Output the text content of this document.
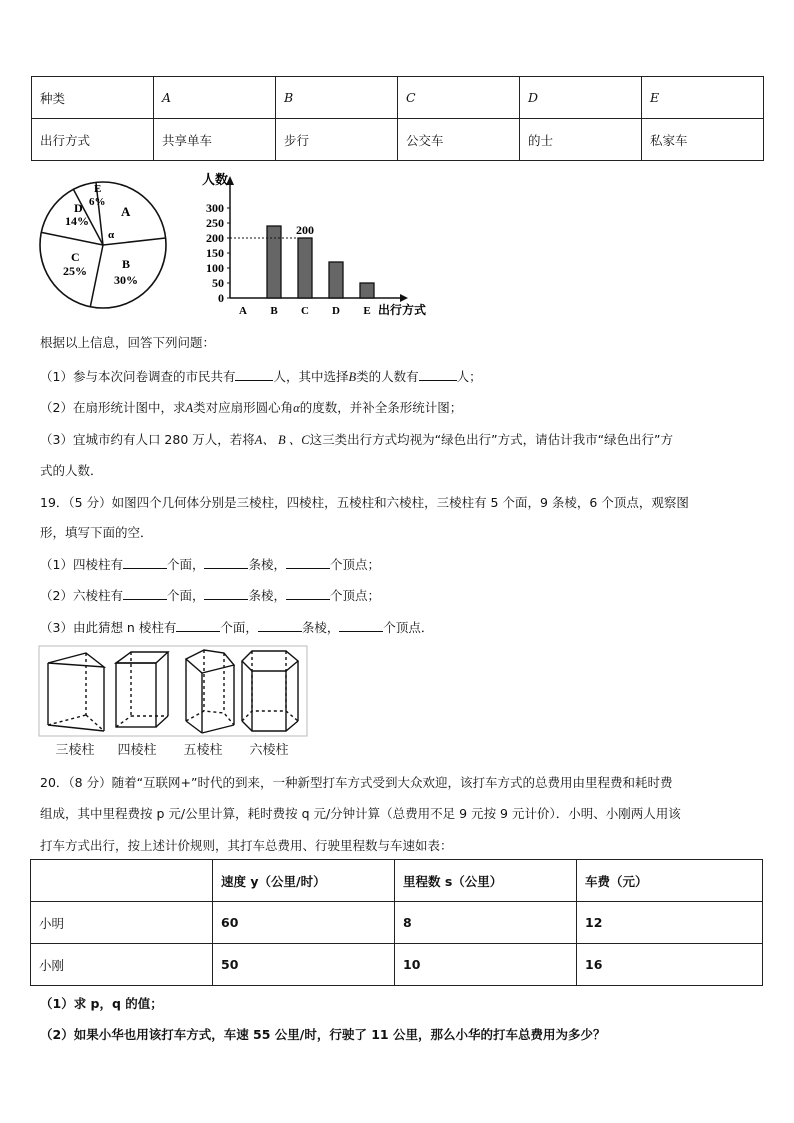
种类	A	B	C	D	E
出行方式	共享单车	步行	公交车	的士	私家车
A
α
B
30%
C
25%
D
14%
E
6%
人数
出行方式
0
50
100
150
200
250
300
A B C D E
200
根据以上信息，回答下列问题：
（1）参与本次问卷调查的市民共有	人，其中选择B类的人数有	人；
（2）在扇形统计图中，求A类对应扇形圆心角α的度数，并补全条形统计图；
（3）宜城市约有人口 280 万人，若将A、 B 、C这三类出行方式均视为“绿色出行”方式，请估计我市“绿色出行”方
式的人数．
19．（5 分）如图四个几何体分别是三棱柱，四棱柱，五棱柱和六棱柱，三棱柱有 5 个面，9 条棱，6 个顶点，观察图
形，填写下面的空．
（1）四棱柱有	个面，	条棱，	个顶点；
（2）六棱柱有	个面，	条棱，	个顶点；
（3）由此猜想 n 棱柱有	个面，	条棱，	个顶点．
三棱柱	四棱柱	五棱柱	六棱柱
20．（8 分）随着“互联网+”时代的到来，一种新型打车方式受到大众欢迎，该打车方式的总费用由里程费和耗时费
组成，其中里程费按 p 元/公里计算，耗时费按 q 元/分钟计算（总费用不足 9 元按 9 元计价）．小明、小刚两人用该
打车方式出行，按上述计价规则，其打车总费用、行驶里程数与车速如表：
	速度 y（公里/时）	里程数 s（公里）	车费（元）
小明	60	8	12
小刚	50	10	16
（1）求 p，q 的值；
（2）如果小华也用该打车方式，车速 55 公里/时，行驶了 11 公里，那么小华的打车总费用为多少？
